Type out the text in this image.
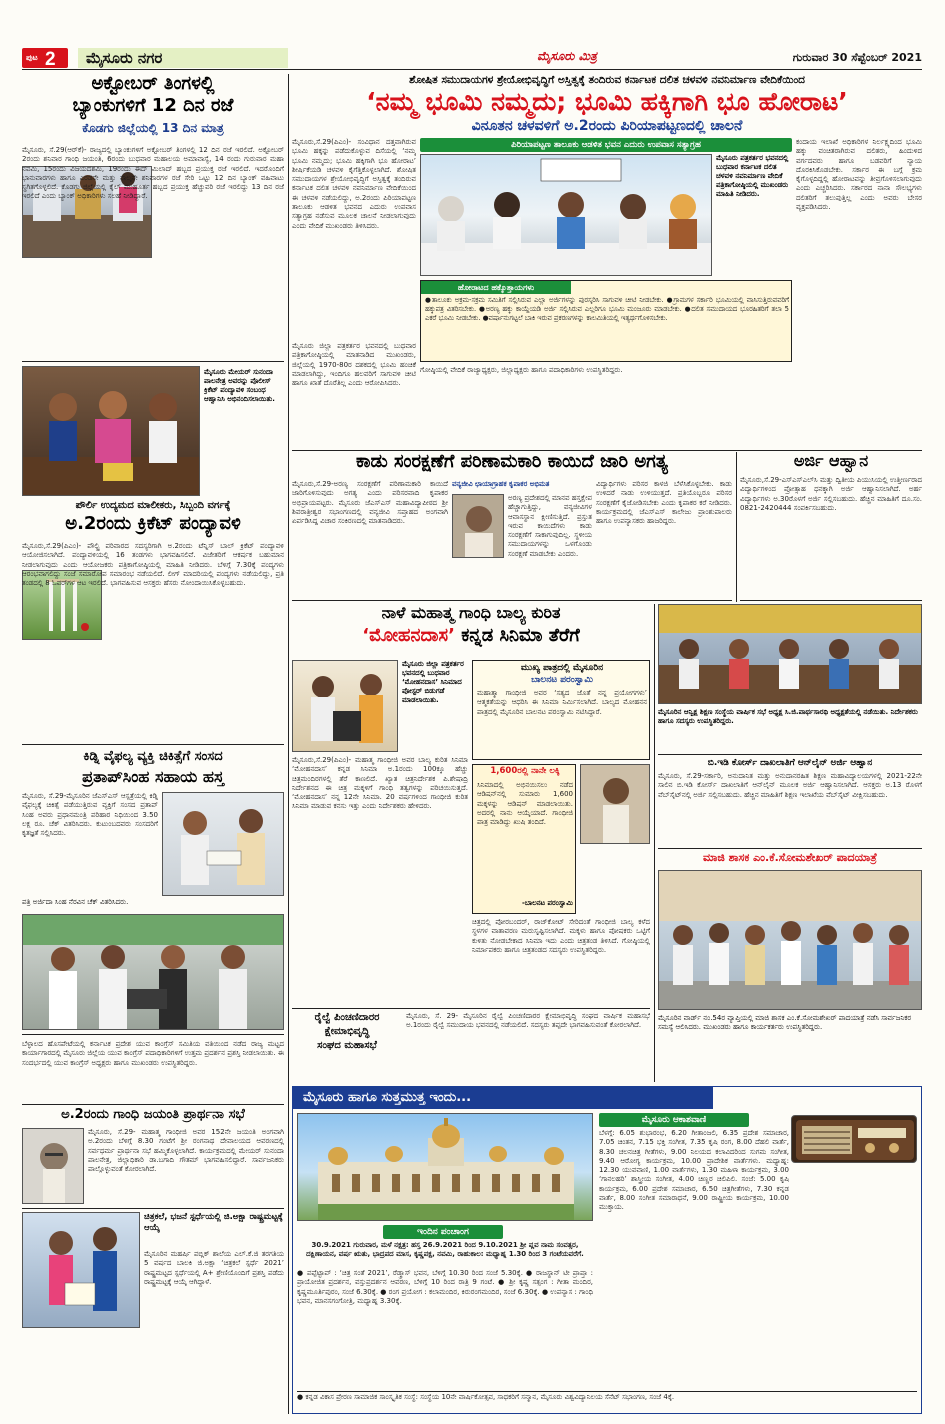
ಪುಟ 2	ಮೈಸೂರು ನಗರ	ಮೈಸೂರು ಮಿತ್ರ	ಗುರುವಾರ 30 ಸೆಪ್ಟೆಂಬರ್ 2021
ಅಕ್ಟೋಬರ್ ತಿಂಗಳಲ್ಲಿ
ಬ್ಯಾಂಕುಗಳಿಗೆ 12 ದಿನ ರಜೆ
ಕೊಡಗು ಜಿಲ್ಲೆಯಲ್ಲಿ 13 ದಿನ ಮಾತ್ರ
ಮೈಸೂರು, ಸೆ.29(ಆರ್‌ಕೆ)- ರಾಜ್ಯದಲ್ಲಿ ಬ್ಯಾಂಕುಗಳಿಗೆ ಅಕ್ಟೋಬರ್ ತಿಂಗಳಲ್ಲಿ 12 ದಿನ ರಜೆ ಇರಲಿದೆ. ಅಕ್ಟೋಬರ್ 2ರಂದು ಶನಿವಾರ ಗಾಂಧಿ ಜಯಂತಿ, 6ರಂದು ಬುಧವಾರ ಮಹಾಲಯ ಅಮಾವಾಸ್ಯೆ, 14 ರಂದು ಗುರುವಾರ ಮಹಾ ನವಮಿ, 15ರಂದು ವಿಜಯದಶಮಿ, 19ರಂದು ಈದ್ ಮಿಲಾದ್ ಹಬ್ಬದ ಪ್ರಯುಕ್ತ ರಜೆ ಇರಲಿದೆ. ಇದರೊಂದಿಗೆ ಭಾನುವಾರಗಳು ಹಾಗೂ ಎರಡನೇ ಮತ್ತು ನಾಲ್ಕನೇ ಶನಿವಾರಗಳ ರಜೆ ಸೇರಿ ಒಟ್ಟು 12 ದಿನ ಬ್ಯಾಂಕ್ ವಹಿವಾಟು ಸ್ಥಗಿತಗೊಳ್ಳಲಿದೆ. ಕೊಡಗು ಜಿಲ್ಲೆಯಲ್ಲಿ ಕೈಲ್ ಮುಹೂರ್ತ ಹಬ್ಬದ ಪ್ರಯುಕ್ತ ಹೆಚ್ಚುವರಿ ರಜೆ ಇರಲಿದ್ದು 13 ದಿನ ರಜೆ ಇರಲಿದೆ ಎಂದು ಬ್ಯಾಂಕ್ ಅಧಿಕಾರಿಗಳು ಸಲಹೆ ನೀಡಿದ್ದಾರೆ.
ಮೈಸೂರು ಮೇಯರ್ ಸುನಂದಾ ಪಾಲನೇತ್ರ ಅವರನ್ನು ಪೊಲೀಸ್ ಕ್ರಿಕೆಟ್ ಪಂದ್ಯಾವಳಿ ಸಂಬಂಧ ಆಹ್ವಾನಿಸಿ ಅಭಿನಂದಿಸಲಾಯಿತು.
ಪೌರ್ಲಿ ಉದ್ಯಮದ ಮಾಲೀಕರು, ಸಿಬ್ಬಂದಿ ವರ್ಗಕ್ಕೆ
ಅ.2ರಂದು ಕ್ರಿಕೆಟ್ ಪಂದ್ಯಾವಳಿ
ಮೈಸೂರು,ಸೆ.29(ಪಿಎಂ)- ಪೌಲ್ಟ್ರಿ ಪರಿವಾರದ ಸದಸ್ಯರಿಗಾಗಿ ಅ.2ರಂದು ಟೆನ್ನಿಸ್ ಬಾಲ್ ಕ್ರಿಕೆಟ್ ಪಂದ್ಯಾವಳಿ ಆಯೋಜಿಸಲಾಗಿದೆ. ಪಂದ್ಯಾವಳಿಯಲ್ಲಿ 16 ತಂಡಗಳು ಭಾಗವಹಿಸಲಿವೆ. ವಿಜೇತರಿಗೆ ಆಕರ್ಷಕ ಬಹುಮಾನ ನೀಡಲಾಗುವುದು ಎಂದು ಆಯೋಜಕರು ಪತ್ರಿಕಾಗೋಷ್ಠಿಯಲ್ಲಿ ಮಾಹಿತಿ ನೀಡಿದರು. ಬೆಳಿಗ್ಗೆ 7.30ಕ್ಕೆ ಪಂದ್ಯಗಳು ಆರಂಭವಾಗಲಿದ್ದು ಸಂಜೆ ಸಮಾರೋಪ ಸಮಾರಂಭ ನಡೆಯಲಿದೆ. ಲೀಗ್ ಮಾದರಿಯಲ್ಲಿ ಪಂದ್ಯಗಳು ನಡೆಯಲಿದ್ದು, ಪ್ರತಿ ತಂಡದಲ್ಲಿ 8 ಓವರ್‌ಗಳ ಆಟ ಇರಲಿದೆ. ಭಾಗವಹಿಸುವ ಆಸಕ್ತರು ಹೆಸರು ನೋಂದಾಯಿಸಿಕೊಳ್ಳಬಹುದು.
ಕಿಡ್ನಿ ವೈಫಲ್ಯ ವ್ಯಕ್ತಿ ಚಿಕಿತ್ಸೆಗೆ ಸಂಸದ
ಪ್ರತಾಪ್‌ಸಿಂಹ ಸಹಾಯ ಹಸ್ತ
ಮೈಸೂರು, ಸೆ.29-ಮೈಸೂರಿನ ಜೆಎಸ್‌ಎಸ್ ಆಸ್ಪತ್ರೆಯಲ್ಲಿ ಕಿಡ್ನಿ ವೈಫಲ್ಯಕ್ಕೆ ಚಿಕಿತ್ಸೆ ಪಡೆಯುತ್ತಿರುವ ವ್ಯಕ್ತಿಗೆ ಸಂಸದ ಪ್ರತಾಪ್ ಸಿಂಹ ಅವರು ಪ್ರಧಾನಮಂತ್ರಿ ಪರಿಹಾರ ನಿಧಿಯಿಂದ 3.50 ಲಕ್ಷ ರೂ. ಚೆಕ್ ವಿತರಿಸಿದರು. ಕುಟುಂಬದವರು ಸಂಸದರಿಗೆ ಕೃತಜ್ಞತೆ ಸಲ್ಲಿಸಿದರು.
ಪತ್ರಿ ಅರ್ಜಿದಾ ಸಿಂಹ ನೆರವಿನ ಚೆಕ್ ವಿತರಿಸಿದರು.
ಬೆಳ್ಳಾಲದ ಹೊಸಪೇಟೆಯಲ್ಲಿ ಕರ್ನಾಟಕ ಪ್ರದೇಶ ಯುವ ಕಾಂಗ್ರೆಸ್ ಸಮಿತಿಯ ವತಿಯಿಂದ ನಡೆದ ರಾಜ್ಯ ಮಟ್ಟದ ಕಾರ್ಯಾಗಾರದಲ್ಲಿ ಮೈಸೂರು ಜಿಲ್ಲೆಯ ಯುವ ಕಾಂಗ್ರೆಸ್ ಪದಾಧಿಕಾರಿಗಳಿಗೆ ಉತ್ತಮ ಪ್ರದರ್ಶನ ಪ್ರಶಸ್ತಿ ನೀಡಲಾಯಿತು. ಈ ಸಂದರ್ಭದಲ್ಲಿ ಯುವ ಕಾಂಗ್ರೆಸ್ ಅಧ್ಯಕ್ಷರು ಹಾಗೂ ಮುಖಂಡರು ಉಪಸ್ಥಿತರಿದ್ದರು.
ಅ.2ರಂದು ಗಾಂಧಿ ಜಯಂತಿ ಪ್ರಾರ್ಥನಾ ಸಭೆ
ಮೈಸೂರು, ಸೆ.29- ಮಹಾತ್ಮ ಗಾಂಧೀಜಿ ಅವರ 152ನೇ ಜಯಂತಿ ಅಂಗವಾಗಿ ಅ.2ರಂದು ಬೆಳಿಗ್ಗೆ 8.30 ಗಂಟೆಗೆ ಶ್ರೀ ರಂಗನಾಥ ದೇವಾಲಯದ ಆವರಣದಲ್ಲಿ ಸರ್ವಧರ್ಮ ಪ್ರಾರ್ಥನಾ ಸಭೆ ಹಮ್ಮಿಕೊಳ್ಳಲಾಗಿದೆ. ಕಾರ್ಯಕ್ರಮದಲ್ಲಿ ಮೇಯರ್ ಸುನಂದಾ ಪಾಲನೇತ್ರ, ಜಿಲ್ಲಾಧಿಕಾರಿ ಡಾ.ಬಗಾದಿ ಗೌತಮ್ ಭಾಗವಹಿಸಲಿದ್ದಾರೆ. ಸಾರ್ವಜನಿಕರು ಪಾಲ್ಗೊಳ್ಳುವಂತೆ ಕೋರಲಾಗಿದೆ.
ಚಿತ್ರಕಲೆ, ಭಜನೆ ಸ್ಪರ್ಧೆಯಲ್ಲಿ ಜಿ.ಅಕ್ಷಾ ರಾಷ್ಟ್ರಮಟ್ಟಕ್ಕೆ ಆಯ್ಕೆ
ಮೈಸೂರಿನ ಮಹರ್ಷಿ ಪಬ್ಲಿಕ್ ಶಾಲೆಯ ಎಲ್.ಕೆ.ಜಿ ತರಗತಿಯ 5 ವರ್ಷದ ಬಾಲಕಿ ಜಿ.ಅಕ್ಷಾ ‘ಚಿತ್ರಕಲೆ ಸ್ಪರ್ಧೆ 2021’ ರಾಷ್ಟ್ರಮಟ್ಟದ ಸ್ಪರ್ಧೆಯಲ್ಲಿ A+ ಶ್ರೇಣಿಯೊಂದಿಗೆ ಪ್ರಶಸ್ತಿ ಪಡೆದು ರಾಷ್ಟ್ರಮಟ್ಟಕ್ಕೆ ಆಯ್ಕೆ ಆಗಿದ್ದಾಳೆ.
ಶೋಷಿತ ಸಮುದಾಯಗಳ ಶ್ರೇಯೋಭಿವೃದ್ಧಿಗೆ ಅಸ್ತಿತ್ವಕ್ಕೆ ತಂದಿರುವ ಕರ್ನಾಟಕ ದಲಿತ ಚಳವಳಿ ನವನಿರ್ಮಾಣ ವೇದಿಕೆಯಿಂದ
‘ನಮ್ಮ ಭೂಮಿ ನಮ್ಮದು; ಭೂಮಿ ಹಕ್ಕಿಗಾಗಿ ಭೂ ಹೋರಾಟ’
ವಿನೂತನ ಚಳವಳಿಗೆ ಅ.2ರಂದು ಪಿರಿಯಾಪಟ್ಟಣದಲ್ಲಿ ಚಾಲನೆ
ಮೈಸೂರು,ಸೆ.29(ಪಿಎಂ)- ಸಂವಿಧಾನ ದತ್ತವಾಗಿರುವ ಭೂಮಿ ಹಕ್ಕನ್ನು ಪಡೆದುಕೊಳ್ಳುವ ದಿಸೆಯಲ್ಲಿ ‘ನಮ್ಮ ಭೂಮಿ ನಮ್ಮದು; ಭೂಮಿ ಹಕ್ಕಿಗಾಗಿ ಭೂ ಹೋರಾಟ’ ಶೀರ್ಷಿಕೆಯಡಿ ಚಳವಳಿ ಕೈಗೆತ್ತಿಕೊಳ್ಳಲಾಗಿದೆ. ಶೋಷಿತ ಸಮುದಾಯಗಳ ಶ್ರೇಯೋಭಿವೃದ್ಧಿಗೆ ಅಸ್ತಿತ್ವಕ್ಕೆ ತಂದಿರುವ ಕರ್ನಾಟಕ ದಲಿತ ಚಳವಳಿ ನವನಿರ್ಮಾಣ ವೇದಿಕೆಯಿಂದ ಈ ಚಳವಳಿ ನಡೆಯಲಿದ್ದು, ಅ.2ರಂದು ಪಿರಿಯಾಪಟ್ಟಣ ತಾಲೂಕು ಆಡಳಿತ ಭವನದ ಎದುರು ಉಪವಾಸ ಸತ್ಯಾಗ್ರಹ ನಡೆಸುವ ಮೂಲಕ ಚಾಲನೆ ನೀಡಲಾಗುವುದು ಎಂದು ವೇದಿಕೆ ಮುಖಂಡರು ತಿಳಿಸಿದರು.
ಪಿರಿಯಾಪಟ್ಟಣ ತಾಲೂಕು ಆಡಳಿತ ಭವನ ಎದುರು ಉಪವಾಸ ಸತ್ಯಾಗ್ರಹ
ಮೈಸೂರು ಪತ್ರಕರ್ತರ ಭವನದಲ್ಲಿ ಬುಧವಾರ ಕರ್ನಾಟಕ ದಲಿತ ಚಳವಳಿ ನವನಿರ್ಮಾಣ ವೇದಿಕೆ ಪತ್ರಿಕಾಗೋಷ್ಠಿಯಲ್ಲಿ ಮುಖಂಡರು ಮಾಹಿತಿ ನೀಡಿದರು.
ಕಂದಾಯ ಇಲಾಖೆ ಅಧಿಕಾರಿಗಳ ನಿರ್ಲಕ್ಷ್ಯದಿಂದ ಭೂಮಿ ಹಕ್ಕು ವಂಚಿತರಾಗಿರುವ ದಲಿತರು, ಹಿಂದುಳಿದ ವರ್ಗದವರು ಹಾಗೂ ಬಡವರಿಗೆ ನ್ಯಾಯ ದೊರಕಿಸಿಕೊಡಬೇಕು. ಸರ್ಕಾರ ಈ ಬಗ್ಗೆ ಕ್ರಮ ಕೈಗೊಳ್ಳದಿದ್ದಲ್ಲಿ ಹೋರಾಟವನ್ನು ತೀವ್ರಗೊಳಿಸಲಾಗುವುದು ಎಂದು ಎಚ್ಚರಿಸಿದರು. ಸರ್ಕಾರದ ನಾನಾ ಸೌಲಭ್ಯಗಳು ದಲಿತರಿಗೆ ತಲುಪುತ್ತಿಲ್ಲ ಎಂದು ಅವರು ಬೇಸರ ವ್ಯಕ್ತಪಡಿಸಿದರು.
ಹೋರಾಟದ ಹಕ್ಕೊತ್ತಾಯಗಳು
●ತಾಲೂಕು ಅಕ್ರಮ-ಸಕ್ರಮ ಸಮಿತಿಗೆ ಸಲ್ಲಿಸಿರುವ ಎಲ್ಲಾ ಅರ್ಜಿಗಳನ್ನು ಪುರಸ್ಕರಿಸಿ ಸಾಗುವಳಿ ಚೀಟಿ ನೀಡಬೇಕು. ●ಗ್ರಾಮಗಳ ಸರ್ಕಾರಿ ಭೂಮಿಯಲ್ಲಿ ವಾಸಿಸುತ್ತಿರುವವರಿಗೆ ಹಕ್ಕುಪತ್ರ ವಿತರಿಸಬೇಕು. ●ಅರಣ್ಯ ಹಕ್ಕು ಕಾಯ್ದೆಯಡಿ ಅರ್ಜಿ ಸಲ್ಲಿಸಿರುವ ಎಲ್ಲರಿಗೂ ಭೂಮಿ ಮಂಜೂರು ಮಾಡಬೇಕು. ●ದಲಿತ ಸಮುದಾಯದ ಭೂರಹಿತರಿಗೆ ತಲಾ 5 ಎಕರೆ ಭೂಮಿ ನೀಡಬೇಕು. ●ವರ್ಷಾನುಗಟ್ಟಲೆ ಬಾಕಿ ಇರುವ ಪ್ರಕರಣಗಳನ್ನು ಕಾಲಮಿತಿಯಲ್ಲಿ ಇತ್ಯರ್ಥಗೊಳಿಸಬೇಕು.
ಮೈಸೂರು ಜಿಲ್ಲಾ ಪತ್ರಕರ್ತರ ಭವನದಲ್ಲಿ ಬುಧವಾರ ಪತ್ರಿಕಾಗೋಷ್ಠಿಯಲ್ಲಿ ಮಾತನಾಡಿದ ಮುಖಂಡರು, ಜಿಲ್ಲೆಯಲ್ಲಿ 1970-80ರ ದಶಕದಲ್ಲಿ ಭೂಮಿ ಹಂಚಿಕೆ ಮಾಡಲಾಗಿದ್ದು, ಇಂದಿಗೂ ಹಲವರಿಗೆ ಸಾಗುವಳಿ ಚೀಟಿ ಹಾಗೂ ಖಾತೆ ದೊರೆತಿಲ್ಲ ಎಂದು ಆರೋಪಿಸಿದರು.
ಗೋಷ್ಠಿಯಲ್ಲಿ ವೇದಿಕೆ ರಾಜ್ಯಾಧ್ಯಕ್ಷರು, ಜಿಲ್ಲಾಧ್ಯಕ್ಷರು ಹಾಗೂ ಪದಾಧಿಕಾರಿಗಳು ಉಪಸ್ಥಿತರಿದ್ದರು.
ಕಾಡು ಸಂರಕ್ಷಣೆಗೆ ಪರಿಣಾಮಕಾರಿ ಕಾಯಿದೆ ಜಾರಿ ಅಗತ್ಯ
ಮೈಸೂರು,ಸೆ.29-ಅರಣ್ಯ ಸಂರಕ್ಷಣೆಗೆ ಪರಿಣಾಮಕಾರಿ ಕಾಯಿದೆ ಜಾರಿಗೊಳಿಸುವುದು ಅಗತ್ಯ ಎಂದು ಪರಿಸರವಾದಿ ಕೃಪಾಕರ ಅಭಿಪ್ರಾಯಪಟ್ಟರು. ಮೈಸೂರು ಜೆಎಸ್‌ಎಸ್ ಮಹಾವಿದ್ಯಾಪೀಠದ ಶ್ರೀ ಶಿವರಾತ್ರೀಶ್ವರ ಸಭಾಂಗಣದಲ್ಲಿ ವನ್ಯಜೀವಿ ಸಪ್ತಾಹದ ಅಂಗವಾಗಿ ಏರ್ಪಡಿಸಿದ್ದ ವಿಚಾರ ಸಂಕಿರಣದಲ್ಲಿ ಮಾತನಾಡಿದರು.
ವನ್ಯಜೀವಿ ಛಾಯಾಗ್ರಾಹಕ ಕೃಪಾಕರ ಅಭಿಮತ
ಅರಣ್ಯ ಪ್ರದೇಶದಲ್ಲಿ ಮಾನವ ಹಸ್ತಕ್ಷೇಪ ಹೆಚ್ಚಾಗುತ್ತಿದ್ದು, ವನ್ಯಜೀವಿಗಳ ಆವಾಸಸ್ಥಾನ ಕ್ಷೀಣಿಸುತ್ತಿದೆ. ಪ್ರಸ್ತುತ ಇರುವ ಕಾಯಿದೆಗಳು ಕಾಡು ಸಂರಕ್ಷಣೆಗೆ ಸಾಕಾಗುವುದಿಲ್ಲ. ಸ್ಥಳೀಯ ಸಮುದಾಯಗಳನ್ನು ಒಳಗೊಂಡು ಸಂರಕ್ಷಣೆ ಮಾಡಬೇಕು ಎಂದರು.
ವಿದ್ಯಾರ್ಥಿಗಳು ಪರಿಸರ ಕಾಳಜಿ ಬೆಳೆಸಿಕೊಳ್ಳಬೇಕು. ಕಾಡು ಉಳಿದರೆ ನಾಡು ಉಳಿಯುತ್ತದೆ. ಪ್ರತಿಯೊಬ್ಬರೂ ಪರಿಸರ ಸಂರಕ್ಷಣೆಗೆ ಕೈಜೋಡಿಸಬೇಕು ಎಂದು ಕೃಪಾಕರ ಕರೆ ನೀಡಿದರು. ಕಾರ್ಯಕ್ರಮದಲ್ಲಿ ಜೆಎಸ್‌ಎಸ್ ಕಾಲೇಜು ಪ್ರಾಂಶುಪಾಲರು ಹಾಗೂ ಉಪನ್ಯಾಸಕರು ಹಾಜರಿದ್ದರು.
ಅರ್ಜಿ ಆಹ್ವಾನ
ಮೈಸೂರು,ಸೆ.29-ಎಸ್‌ಎಸ್‌ಎಲ್‌ಸಿ ಮತ್ತು ದ್ವಿತೀಯ ಪಿಯುಸಿಯಲ್ಲಿ ಉತ್ತೀರ್ಣರಾದ ವಿದ್ಯಾರ್ಥಿಗಳಿಂದ ಪ್ರೋತ್ಸಾಹ ಧನಕ್ಕಾಗಿ ಅರ್ಜಿ ಆಹ್ವಾನಿಸಲಾಗಿದೆ. ಅರ್ಹ ವಿದ್ಯಾರ್ಥಿಗಳು ಅ.30ರೊಳಗೆ ಅರ್ಜಿ ಸಲ್ಲಿಸಬಹುದು. ಹೆಚ್ಚಿನ ಮಾಹಿತಿಗೆ ದೂ.ಸಂ. 0821-2420444 ಸಂಪರ್ಕಿಸಬಹುದು.
ನಾಳೆ ಮಹಾತ್ಮ ಗಾಂಧಿ ಬಾಲ್ಯ ಕುರಿತ
‘ಮೋಹನದಾಸ’ ಕನ್ನಡ ಸಿನಿಮಾ ತೆರೆಗೆ
ಮೈಸೂರು ಜಿಲ್ಲಾ ಪತ್ರಕರ್ತರ ಭವನದಲ್ಲಿ ಬುಧವಾರ ‘ಮೋಹನದಾಸ’ ಸಿನಿಮಾದ ಪೋಸ್ಟರ್ ಬಿಡುಗಡೆ ಮಾಡಲಾಯಿತು.
ಮುಖ್ಯ ಪಾತ್ರದಲ್ಲಿ ಮೈಸೂರಿನ
ಬಾಲನಟ ಪರಂಸ್ವಾಮಿ
ಮಹಾತ್ಮಾ ಗಾಂಧೀಜಿ ಅವರ ‘ಸತ್ಯದ ಜೊತೆ ನನ್ನ ಪ್ರಯೋಗಗಳು’ ಆತ್ಮಕತೆಯನ್ನು ಆಧರಿಸಿ ಈ ಸಿನಿಮಾ ನಿರ್ಮಿಸಲಾಗಿದೆ. ಬಾಲ್ಯದ ಮೋಹನನ ಪಾತ್ರದಲ್ಲಿ ಮೈಸೂರಿನ ಬಾಲನಟ ಪರಂಸ್ವಾಮಿ ನಟಿಸಿದ್ದಾರೆ.
ಮೈಸೂರು,ಸೆ.29(ಪಿಎಂ)- ಮಹಾತ್ಮ ಗಾಂಧೀಜಿ ಅವರ ಬಾಲ್ಯ ಕುರಿತ ಸಿನಿಮಾ ‘ಮೋಹನದಾಸ’ ಕನ್ನಡ ಸಿನಿಮಾ ಅ.1ರಂದು 100ಕ್ಕೂ ಹೆಚ್ಚು ಚಿತ್ರಮಂದಿರಗಳಲ್ಲಿ ತೆರೆ ಕಾಣಲಿದೆ. ಖ್ಯಾತ ಚಿತ್ರನಿರ್ದೇಶಕ ಪಿ.ಶೇಷಾದ್ರಿ ನಿರ್ದೇಶನದ ಈ ಚಿತ್ರ ಮಕ್ಕಳಿಗೆ ಗಾಂಧಿ ತತ್ವಗಳನ್ನು ಪರಿಚಯಿಸುತ್ತದೆ. ‘ಮೋಹನದಾಸ’ ನನ್ನ 12ನೇ ಸಿನಿಮಾ. 20 ವರ್ಷಗಳಿಂದ ಗಾಂಧೀಜಿ ಕುರಿತ ಸಿನಿಮಾ ಮಾಡುವ ಕನಸು ಇತ್ತು ಎಂದು ನಿರ್ದೇಶಕರು ಹೇಳಿದರು.
1,600ರಲ್ಲಿ ನಾನೇ ಲಕ್ಕಿ
ಸಿನಿಮಾದಲ್ಲಿ ಅಭಿನಯಿಸಲು ನಡೆದ ಆಡಿಷನ್‌ನಲ್ಲಿ ಸುಮಾರು 1,600 ಮಕ್ಕಳನ್ನು ಆಡಿಷನ್ ಮಾಡಲಾಯಿತು. ಅದರಲ್ಲಿ ನಾನು ಆಯ್ಕೆಯಾದೆ. ಗಾಂಧೀಜಿ ಪಾತ್ರ ಮಾಡಿದ್ದು ಖುಷಿ ತಂದಿದೆ.
-ಬಾಲನಟ ಪರಂಸ್ವಾಮಿ
ಚಿತ್ರದಲ್ಲಿ ಪೋರಬಂದರ್, ರಾಜ್‌ಕೋಟ್ ಸೇರಿದಂತೆ ಗಾಂಧೀಜಿ ಬಾಲ್ಯ ಕಳೆದ ಸ್ಥಳಗಳ ವಾತಾವರಣ ಮರುಸೃಷ್ಟಿಸಲಾಗಿದೆ. ಮಕ್ಕಳು ಹಾಗೂ ಪೋಷಕರು ಒಟ್ಟಿಗೆ ಕುಳಿತು ನೋಡಬೇಕಾದ ಸಿನಿಮಾ ಇದು ಎಂದು ಚಿತ್ರತಂಡ ತಿಳಿಸಿದೆ. ಗೋಷ್ಠಿಯಲ್ಲಿ ನಿರ್ಮಾಪಕರು ಹಾಗೂ ಚಿತ್ರತಂಡದ ಸದಸ್ಯರು ಉಪಸ್ಥಿತರಿದ್ದರು.
ರೈಲ್ವೆ ಪಿಂಚಣಿದಾರರ
ಕ್ಷೇಮಾಭಿವೃದ್ಧಿ
ಸಂಘದ ಮಹಾಸಭೆ
ಮೈಸೂರು, ಸೆ. 29- ಮೈಸೂರಿನ ರೈಲ್ವೆ ಪಿಂಚಣಿದಾರರ ಕ್ಷೇಮಾಭಿವೃದ್ಧಿ ಸಂಘದ ವಾರ್ಷಿಕ ಮಹಾಸಭೆ ಅ.1ರಂದು ರೈಲ್ವೆ ಸಮುದಾಯ ಭವನದಲ್ಲಿ ನಡೆಯಲಿದೆ. ಸದಸ್ಯರು ತಪ್ಪದೇ ಭಾಗವಹಿಸುವಂತೆ ಕೋರಲಾಗಿದೆ.
ಮೈಸೂರಿನ ಆನ್ವಿಕ್ಷ ಶಿಕ್ಷಣ ಸಂಸ್ಥೆಯ ವಾರ್ಷಿಕ ಸಭೆ ಅಧ್ಯಕ್ಷ ಸಿ.ಜಿ.ಪಾರ್ಥಸಾರಥಿ ಅಧ್ಯಕ್ಷತೆಯಲ್ಲಿ ನಡೆಯಿತು. ನಿರ್ದೇಶಕರು ಹಾಗೂ ಸದಸ್ಯರು ಉಪಸ್ಥಿತರಿದ್ದರು.
ಬಿ.ಇಡಿ ಕೋರ್ಸ್ ದಾಖಲಾತಿಗೆ ಆನ್‌ಲೈನ್ ಅರ್ಜಿ ಆಹ್ವಾನ
ಮೈಸೂರು, ಸೆ.29-ಸರ್ಕಾರಿ, ಅನುದಾನಿತ ಮತ್ತು ಅನುದಾನರಹಿತ ಶಿಕ್ಷಣ ಮಹಾವಿದ್ಯಾಲಯಗಳಲ್ಲಿ 2021-22ನೇ ಸಾಲಿನ ಬಿ.ಇಡಿ ಕೋರ್ಸ್ ದಾಖಲಾತಿಗೆ ಆನ್‌ಲೈನ್ ಮೂಲಕ ಅರ್ಜಿ ಆಹ್ವಾನಿಸಲಾಗಿದೆ. ಆಸಕ್ತರು ಅ.13 ರೊಳಗೆ ವೆಬ್‌ಸೈಟ್‌ನಲ್ಲಿ ಅರ್ಜಿ ಸಲ್ಲಿಸಬಹುದು. ಹೆಚ್ಚಿನ ಮಾಹಿತಿಗೆ ಶಿಕ್ಷಣ ಇಲಾಖೆಯ ವೆಬ್‌ಸೈಟ್ ವೀಕ್ಷಿಸಬಹುದು.
ಮಾಜಿ ಶಾಸಕ ಎಂ.ಕೆ.ಸೋಮಶೇಖರ್ ಪಾದಯಾತ್ರೆ
ಮೈಸೂರಿನ ವಾರ್ಡ್ ನಂ.54ರ ವ್ಯಾಪ್ತಿಯಲ್ಲಿ ಮಾಜಿ ಶಾಸಕ ಎಂ.ಕೆ.ಸೋಮಶೇಖರ್ ಪಾದಯಾತ್ರೆ ನಡೆಸಿ ಸಾರ್ವಜನಿಕರ ಸಮಸ್ಯೆ ಆಲಿಸಿದರು. ಮುಖಂಡರು ಹಾಗೂ ಕಾರ್ಯಕರ್ತರು ಉಪಸ್ಥಿತರಿದ್ದರು.
ಮೈಸೂರು ಹಾಗೂ ಸುತ್ತಮುತ್ತ ಇಂದು...
ಇಂದಿನ ಪಂಚಾಂಗ
30.9.2021 ಗುರುವಾರ, ಮಳೆ ನಕ್ಷತ್ರ: ಹಸ್ತ 26.9.2021 ರಿಂದ 9.10.2021 ಶ್ರೀ ಪ್ಲವ ನಾಮ ಸಂವತ್ಸರ, ದಕ್ಷಿಣಾಯನ, ವರ್ಷ ಋತು, ಭಾದ್ರಪದ ಮಾಸ, ಕೃಷ್ಣಪಕ್ಷ, ನವಮಿ, ರಾಹುಕಾಲ: ಮಧ್ಯಾಹ್ನ 1.30 ರಿಂದ 3 ಗಂಟೆಯವರೆಗೆ.
● ಪಪ್ಪೆಟ್ಟಾಪ್ : ‘ಚಿತ್ರ ಸಂತೆ 2021’, ರೆಡ್ಕ್ರಾಸ್ ಭವನ, ಬೆಳಿಗ್ಗೆ 10.30 ರಿಂದ ಸಂಜೆ 5.30ಕ್ಕೆ. ● ರಾಜಸ್ಥಾನ್ ಟೀ ಪ್ರಾಪ್ತಾ : ಪ್ರಾಯೋಜಿತ ಪ್ರದರ್ಶನ, ವಸ್ತುಪ್ರದರ್ಶನ ಆವರಣ, ಬೆಳಿಗ್ಗೆ 10 ರಿಂದ ರಾತ್ರಿ 9 ಗಂಟೆ. ● ಶ್ರೀ ಕೃಷ್ಣ ಸತ್ಸಂಗ : ಗೀತಾ ಮಂದಿರ, ಕೃಷ್ಣಮೂರ್ತಿಪುರಂ, ಸಂಜೆ 6.30ಕ್ಕೆ. ● ರಂಗ ಪ್ರಯೋಗ : ಕಲಾಮಂದಿರ, ಕಿರುರಂಗಮಂದಿರ, ಸಂಜೆ 6.30ಕ್ಕೆ. ● ಉಪನ್ಯಾಸ : ಗಾಂಧಿ ಭವನ, ಮಾನಸಗಂಗೋತ್ರಿ, ಮಧ್ಯಾಹ್ನ 3.30ಕ್ಕೆ.
ಮೈಸೂರು ಆಕಾಶವಾಣಿ
ಬೆಳಗ್ಗೆ: 6.05 ಶುಭಾರಂಭ, 6.20 ಗೀತಾಂಜಲಿ, 6.35 ಪ್ರದೇಶ ಸಮಾಚಾರ, 7.05 ಚಿಂತನ, 7.15 ಭಕ್ತಿ ಸಂಗೀತ, 7.35 ಕೃಷಿ ರಂಗ, 8.00 ದೆಹಲಿ ವಾರ್ತೆ, 8.30 ಚಲನಚಿತ್ರ ಗೀತೆಗಳು, 9.00 ನಿಲಯದ ಕಲಾವಿದರಿಂದ ಸುಗಮ ಸಂಗೀತ, 9.40 ಆರೋಗ್ಯ ಕಾರ್ಯಕ್ರಮ, 10.00 ಪ್ರಾದೇಶಿಕ ವಾರ್ತೆಗಳು. ಮಧ್ಯಾಹ್ನ: 12.30 ಯುವವಾಣಿ, 1.00 ವಾರ್ತೆಗಳು, 1.30 ಮಹಿಳಾ ಕಾರ್ಯಕ್ರಮ, 3.00 ‘ಗಾನಲಹರಿ’ ಶಾಸ್ತ್ರೀಯ ಸಂಗೀತ, 4.00 ಚಿಣ್ಣರ ಚಿಲಿಪಿಲಿ. ಸಂಜೆ: 5.00 ಕೃಷಿ ಕಾರ್ಯಕ್ರಮ, 6.00 ಪ್ರದೇಶ ಸಮಾಚಾರ, 6.50 ಚಿತ್ರಗೀತೆಗಳು, 7.30 ಕನ್ನಡ ವಾರ್ತೆ, 8.00 ಸಂಗೀತ ಸಮಾರಾಧನೆ, 9.00 ರಾಷ್ಟ್ರೀಯ ಕಾರ್ಯಕ್ರಮ, 10.00 ಮುಕ್ತಾಯ.
● ಕನ್ನಡ ವಿಕಾಸ ಪ್ರೇರಣ ಸಾಮಾಜಿಕ ಸಾಂಸ್ಕೃತಿಕ ಸಂಸ್ಥೆ: ಸಂಸ್ಥೆಯ 10ನೇ ವಾರ್ಷಿಕೋತ್ಸವ, ಸಾಧಕರಿಗೆ ಸನ್ಮಾನ, ಮೈಸೂರು ವಿಶ್ವವಿದ್ಯಾನಿಲಯ ಸೆನೆಟ್ ಸಭಾಂಗಣ, ಸಂಜೆ 4ಕ್ಕೆ.
